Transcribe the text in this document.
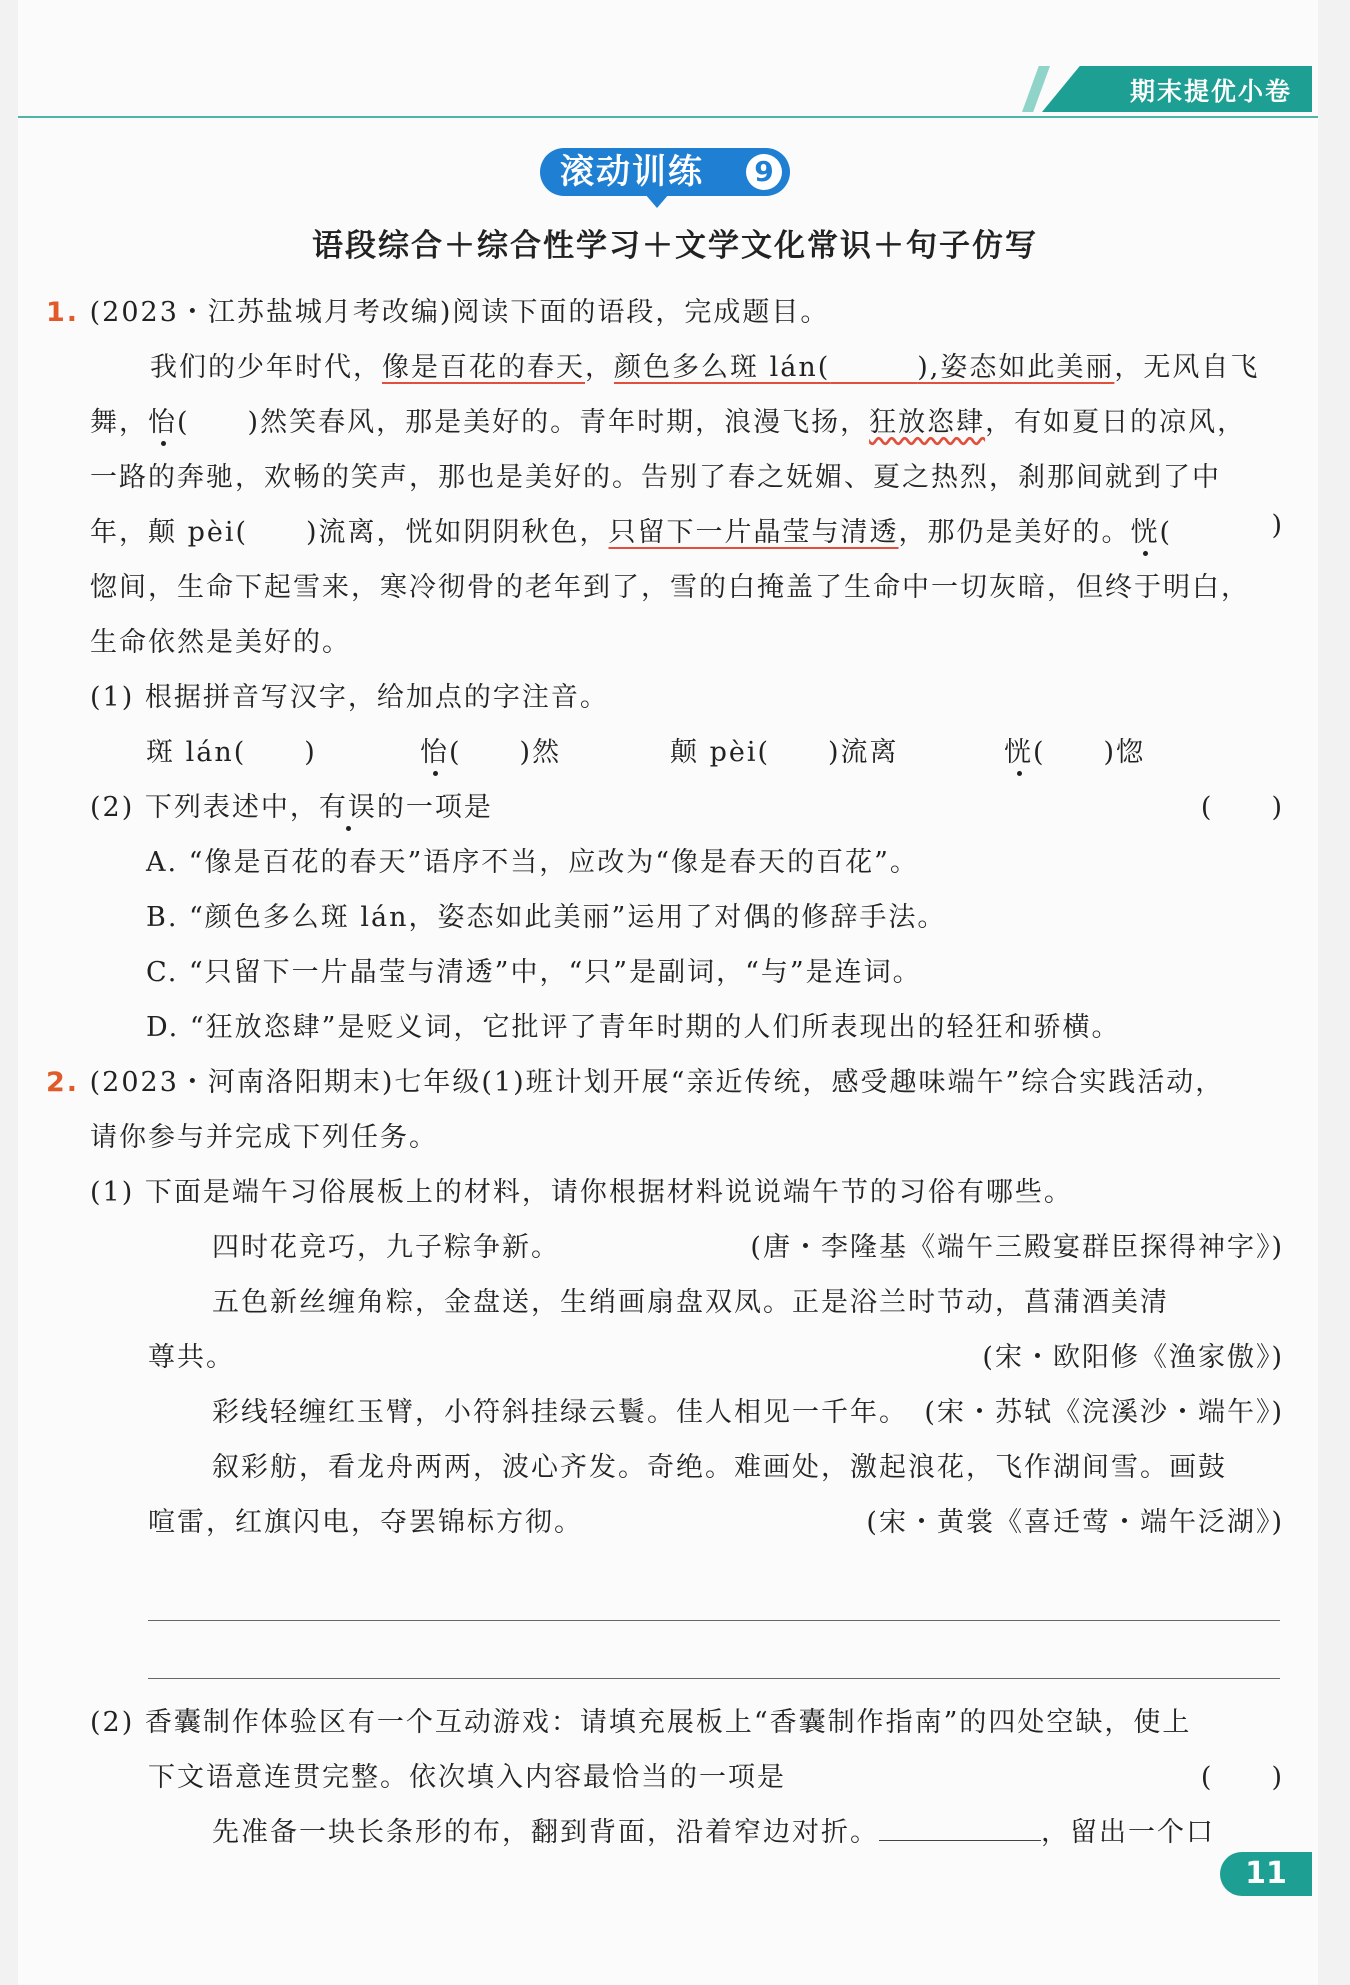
期末提优小卷
滚动训练 9
语段综合＋综合性学习＋文学文化常识＋句子仿写
1. (2023・江苏盐城月考改编)阅读下面的语段，完成题目。
我们的少年时代，像是百花的春天，颜色多么斑 lán(　　　	),姿态如此美丽，无风自飞
舞，怡(　　)然笑春风，那是美好的。青年时期，浪漫飞扬，狂放恣肆，有如夏日的凉风，
一路的奔驰，欢畅的笑声，那也是美好的。告别了春之妩媚、夏之热烈，刹那间就到了中
年，颠 pèi(　　)流离，恍如阴阴秋色，只留下一片晶莹与清透，那仍是美好的。恍(	)
惚间，生命下起雪来，寒冷彻骨的老年到了，雪的白掩盖了生命中一切灰暗，但终于明白，
生命依然是美好的。
(1) 根据拼音写汉字，给加点的字注音。
斑 lán(　　)	怡(　　)然	颠 pèi(　　)流离	恍(　　)惚
(2) 下列表述中，有误的一项是	(　　)
A. “像是百花的春天”语序不当，应改为“像是春天的百花”。
B. “颜色多么斑 lán，姿态如此美丽”运用了对偶的修辞手法。
C. “只留下一片晶莹与清透”中，“只”是副词，“与”是连词。
D. “狂放恣肆”是贬义词，它批评了青年时期的人们所表现出的轻狂和骄横。
2. (2023・河南洛阳期末)七年级(1)班计划开展“亲近传统，感受趣味端午”综合实践活动，
请你参与并完成下列任务。
(1) 下面是端午习俗展板上的材料，请你根据材料说说端午节的习俗有哪些。
四时花竞巧，九子粽争新。	(唐・李隆基《端午三殿宴群臣探得神字》)
五色新丝缠角粽，金盘送，生绡画扇盘双凤。正是浴兰时节动，菖蒲酒美清
尊共。	(宋・欧阳修《渔家傲》)
彩线轻缠红玉臂，小符斜挂绿云鬟。佳人相见一千年。 (宋・苏轼《浣溪沙・端午》)
叙彩舫，看龙舟两两，波心齐发。奇绝。难画处，激起浪花，飞作湖间雪。画鼓
喧雷，红旗闪电，夺罢锦标方彻。	(宋・黄裳《喜迁莺・端午泛湖》)
(2) 香囊制作体验区有一个互动游戏：请填充展板上“香囊制作指南”的四处空缺，使上
下文语意连贯完整。依次填入内容最恰当的一项是	(　　)
先准备一块长条形的布，翻到背面，沿着窄边对折。	，留出一个口
11
